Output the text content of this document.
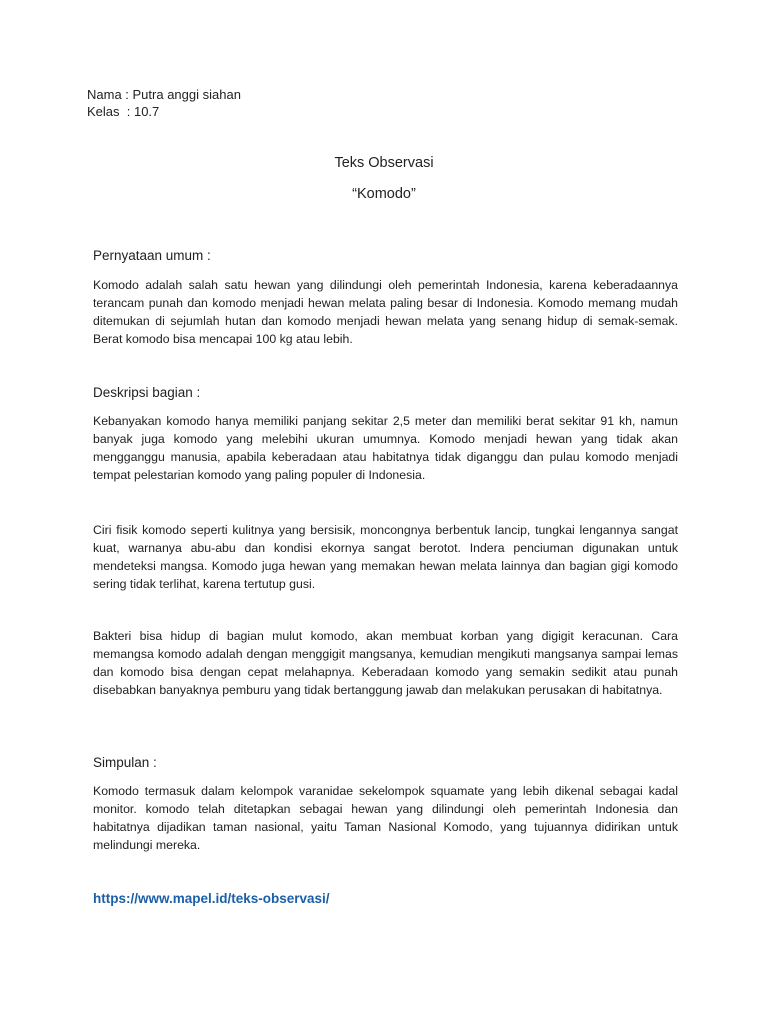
Nama : Putra anggi siahan
Kelas  : 10.7
Teks Observasi
“Komodo”
Pernyataan umum :
Komodo adalah salah satu hewan yang dilindungi oleh pemerintah Indonesia, karena keberadaannya terancam punah dan komodo menjadi hewan melata paling besar di Indonesia. Komodo memang mudah ditemukan di sejumlah hutan dan komodo menjadi hewan melata yang senang hidup di semak-semak. Berat komodo bisa mencapai 100 kg atau lebih.
Deskripsi bagian :
Kebanyakan komodo hanya memiliki panjang sekitar 2,5 meter dan memiliki berat sekitar 91 kh, namun banyak juga komodo yang melebihi ukuran umumnya. Komodo menjadi hewan yang tidak akan mengganggu manusia, apabila keberadaan atau habitatnya tidak diganggu dan pulau komodo menjadi tempat pelestarian komodo yang paling populer di Indonesia.
Ciri fisik komodo seperti kulitnya yang bersisik, moncongnya berbentuk lancip, tungkai lengannya sangat kuat, warnanya abu-abu dan kondisi ekornya sangat berotot. Indera penciuman digunakan untuk mendeteksi mangsa. Komodo juga hewan yang memakan hewan melata lainnya dan bagian gigi komodo sering tidak terlihat, karena tertutup gusi.
Bakteri bisa hidup di bagian mulut komodo, akan membuat korban yang digigit keracunan. Cara memangsa komodo adalah dengan menggigit mangsanya, kemudian mengikuti mangsanya sampai lemas dan komodo bisa dengan cepat melahapnya. Keberadaan komodo yang semakin sedikit atau punah disebabkan banyaknya pemburu yang tidak bertanggung jawab dan melakukan perusakan di habitatnya.
Simpulan :
Komodo termasuk dalam kelompok varanidae sekelompok squamate yang lebih dikenal sebagai kadal monitor. komodo telah ditetapkan sebagai hewan yang dilindungi oleh pemerintah Indonesia dan habitatnya dijadikan taman nasional, yaitu Taman Nasional Komodo, yang tujuannya didirikan untuk melindungi mereka.
https://www.mapel.id/teks-observasi/
